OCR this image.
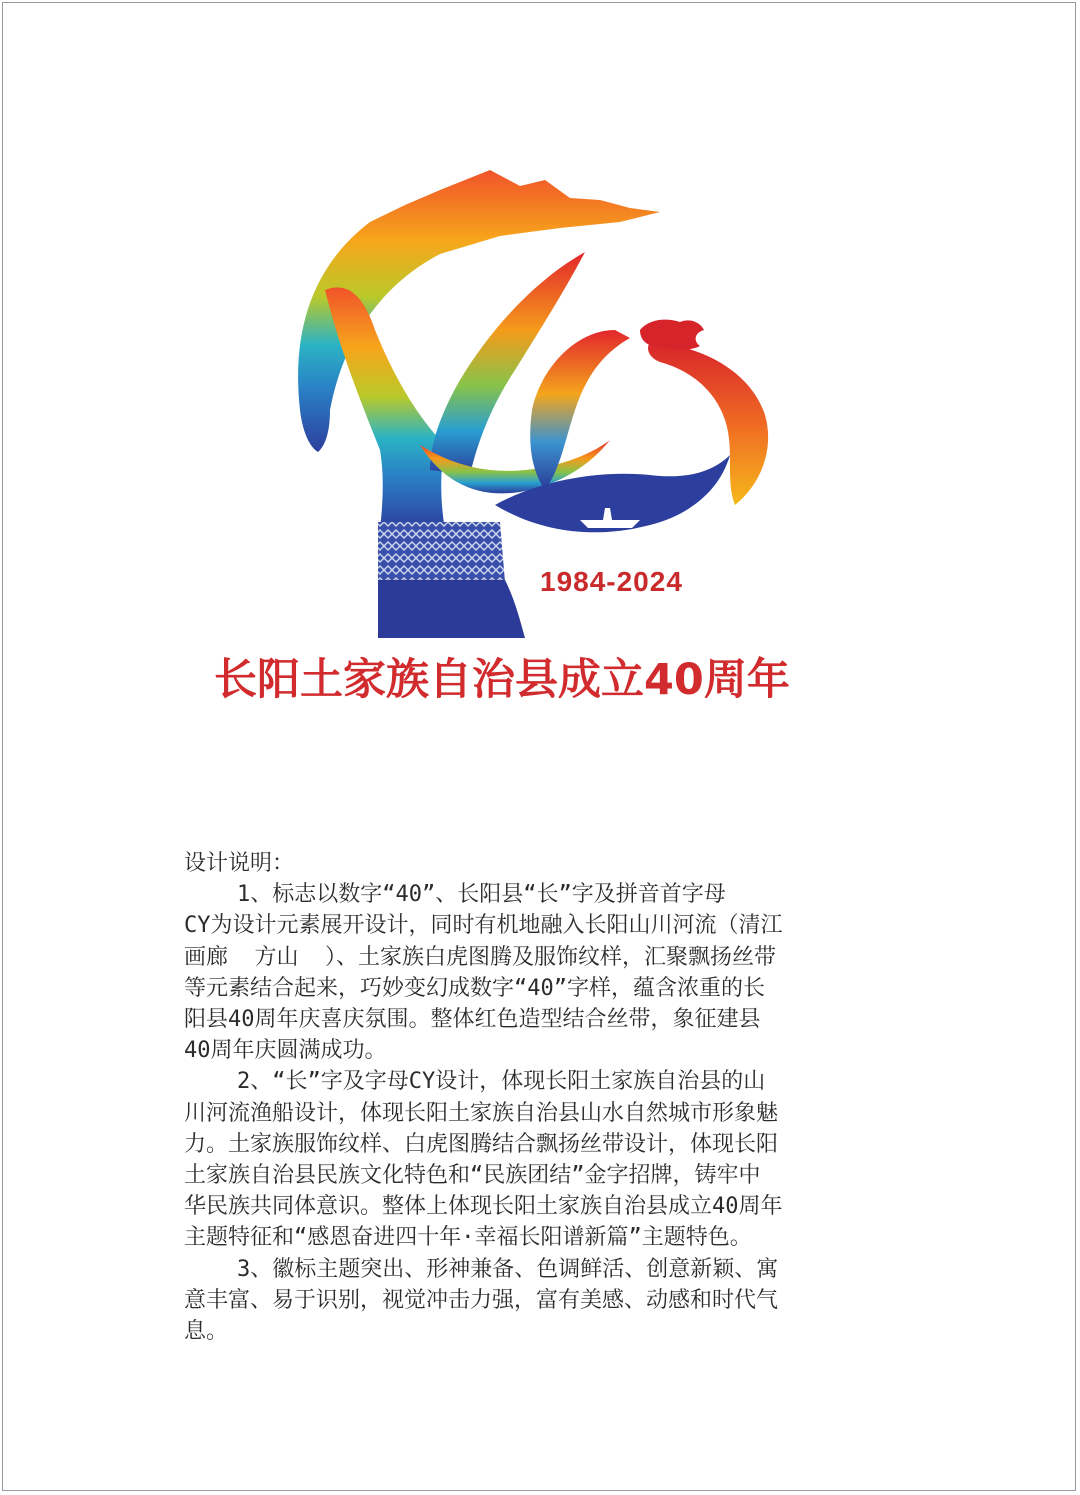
1984-2024
长阳土家族自治县成立40周年

设计说明：

1、标志以数字“40”、长阳县“长”字及拼音首字母

CY为设计元素展开设计，同时有机地融入长阳山川河流（清江

画廊  方山  ）、土家族白虎图腾及服饰纹样，汇聚飘扬丝带

等元素结合起来，巧妙变幻成数字“40”字样，蕴含浓重的长

阳县40周年庆喜庆氛围。整体红色造型结合丝带，象征建县

40周年庆圆满成功。

2、“长”字及字母CY设计，体现长阳土家族自治县的山

川河流渔船设计，体现长阳土家族自治县山水自然城市形象魅

力。土家族服饰纹样、白虎图腾结合飘扬丝带设计，体现长阳

土家族自治县民族文化特色和“民族团结”金字招牌，铸牢中

华民族共同体意识。整体上体现长阳土家族自治县成立40周年

主题特征和“感恩奋进四十年·幸福长阳谱新篇”主题特色。

3、徽标主题突出、形神兼备、色调鲜活、创意新颖、寓

意丰富、易于识别，视觉冲击力强，富有美感、动感和时代气

息。
